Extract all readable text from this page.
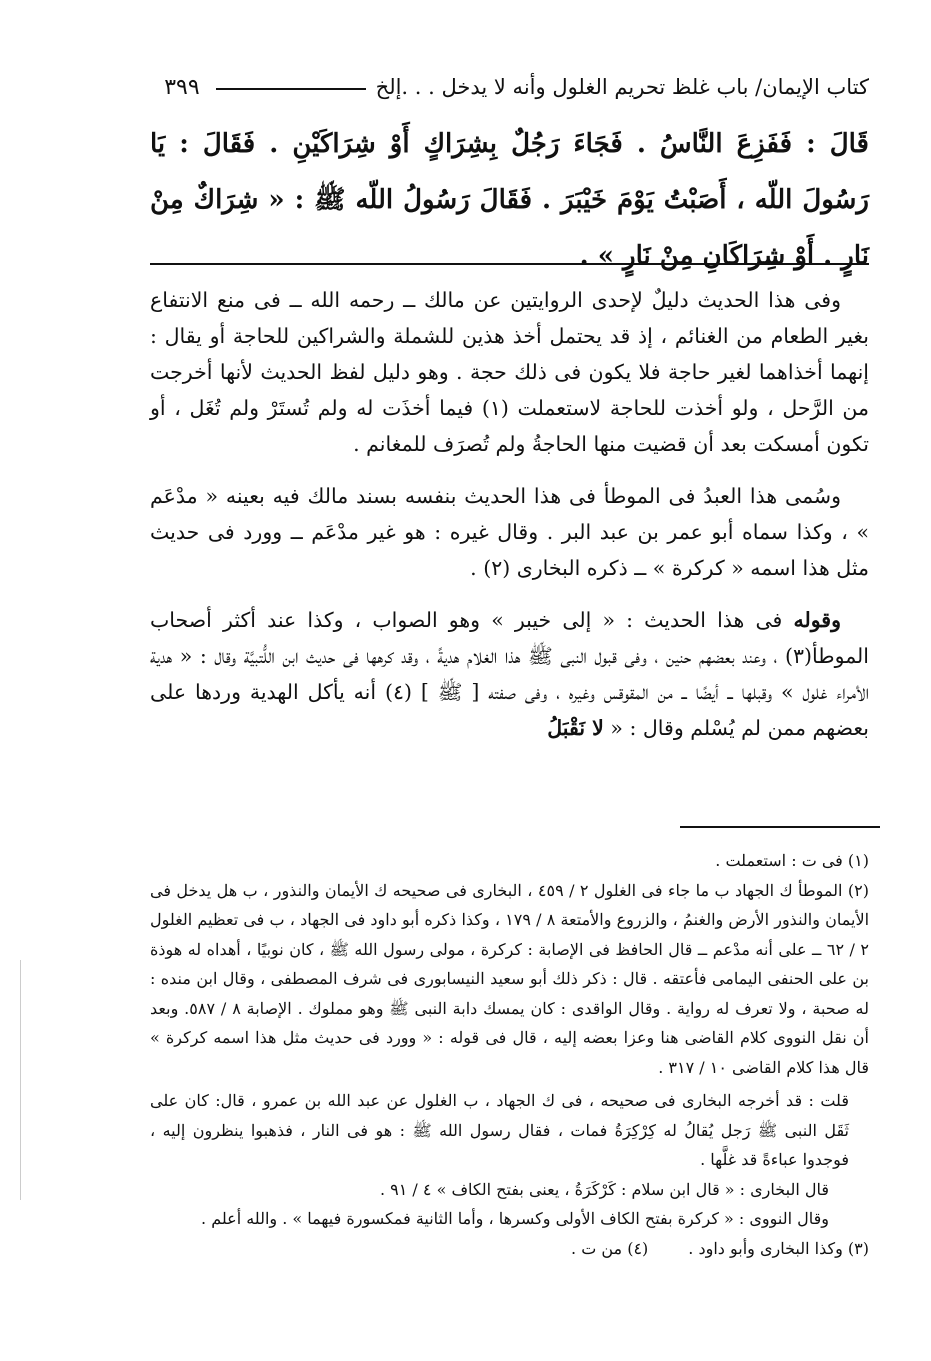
كتاب الإيمان/ باب غلظ تحريم الغلول وأنه لا يدخل . . .إلخ
٣٩٩
قَالَ : فَفَزِعَ النَّاسُ . فَجَاءَ رَجُلٌ بِشِرَاكٍ أَوْ شِرَاكَيْنِ . فَقَالَ : يَا رَسُولَ اللّه ، أَصَبْتُ يَوْمَ خَيْبَرَ . فَقَالَ رَسُولُ اللّه ﷺ : « شِرَاكٌ مِنْ نَارٍ . أَوْ شِرَاكَانِ مِنْ نَارٍ » .

وفى هذا الحديث دليلٌ لإحدى الروايتين عن مالك ــ رحمه الله ــ فى منع الانتفاع بغير الطعام من الغنائم ، إذ قد يحتمل أخذ هذين للشملة والشراكين للحاجة أو يقال : إنهما أخذاهما لغير حاجة فلا يكون فى ذلك حجة . وهو دليل لفظ الحديث لأنها أخرجت من الرَّحل ، ولو أخذت للحاجة لاستعملت (١) فيما أخذَت له ولم تُستَرْ ولم تُغَل ، أو تكون أمسكت بعد أن قضيت منها الحاجةُ ولم تُصرَف للمغانم .

وسُمى هذا العبدُ فى الموطأ فى هذا الحديث بنفسه بسند مالك فيه بعينه « مدْعَم » ، وكذا سماه أبو عمر بن عبد البر . وقال غيره : هو غير مدْعَم ــ وورد فى حديث مثل هذا اسمه « كركرة » ــ ذكره البخارى (٢) .

وقوله فى هذا الحديث : « إلى خيبر » وهو الصواب ، وكذا عند أكثر أصحاب الموطأ(٣) ، وعند بعضهم حنين ، وفى قبول النبى ﷺ هذا الغلام هديةً ، وقد كرهها فى حديث ابن اللُّتبيَّة وقال : « هدية الأمراء غلول » وقبلها ــ أيضًا ــ من المقوقس وغيره ، وفى صفته [ ﷺ ] (٤) أنه يأكل الهدية وردها على بعضهم ممن لم يُسْلم وقال : « لا نَقْبَلُ

(١) فى ت : استعملت .

(٢) الموطأ ك الجهاد ب ما جاء فى الغلول ٢ / ٤٥٩ ، البخارى فى صحيحه ك الأيمان والنذور ، ب هل يدخل فى الأيمان والنذور الأرض والغنمُ ، والزروع والأمتعة ٨ / ١٧٩ ، وكذا ذكره أبو داود فى الجهاد ، ب فى تعظيم الغلول ٢ / ٦٢ ــ على أنه مدْعم ــ قال الحافظ فى الإصابة : كركرة ، مولى رسول الله ﷺ ، كان نوبيًا ، أهداه له هوذة بن على الحنفى اليمامى فأعتقه . قال : ذكر ذلك أبو سعيد النيسابورى فى شرف المصطفى ، وقال ابن منده : له صحبة ، ولا تعرف له رواية . وقال الواقدى : كان يمسك دابة النبى ﷺ وهو مملوك . الإصابة ٨ / ٥٨٧. وبعد أن نقل النووى كلام القاضى هنا وعزا بعضه إليه ، قال فى قوله : « وورد فى حديث مثل هذا اسمه كركرة » قال هذا كلام القاضى ١٠ / ٣١٧ .

قلت : قد أخرجه البخارى فى صحيحه ، فى ك الجهاد ، ب الغلول عن عبد الله بن عمرو ، قال: كان على ثَقَل النبى ﷺ رَجل يُقالُ له كِرْكِرَةُ فمات ، فقال رسول الله ﷺ : هو فى النار ، فذهبوا ينظرون إليه ، فوجدوا عباءةً قد غلَّها .

قال البخارى : « قال ابن سلام : كَرْكَرَةُ ، يعنى بفتح الكاف » ٤ / ٩١ .

وقال النووى : « كركرة بفتح الكاف الأولى وكسرها ، وأما الثانية فمكسورة فيهما » . والله أعلم .

(٣) وكذا البخارى وأبو داود .
(٤) من ت .
